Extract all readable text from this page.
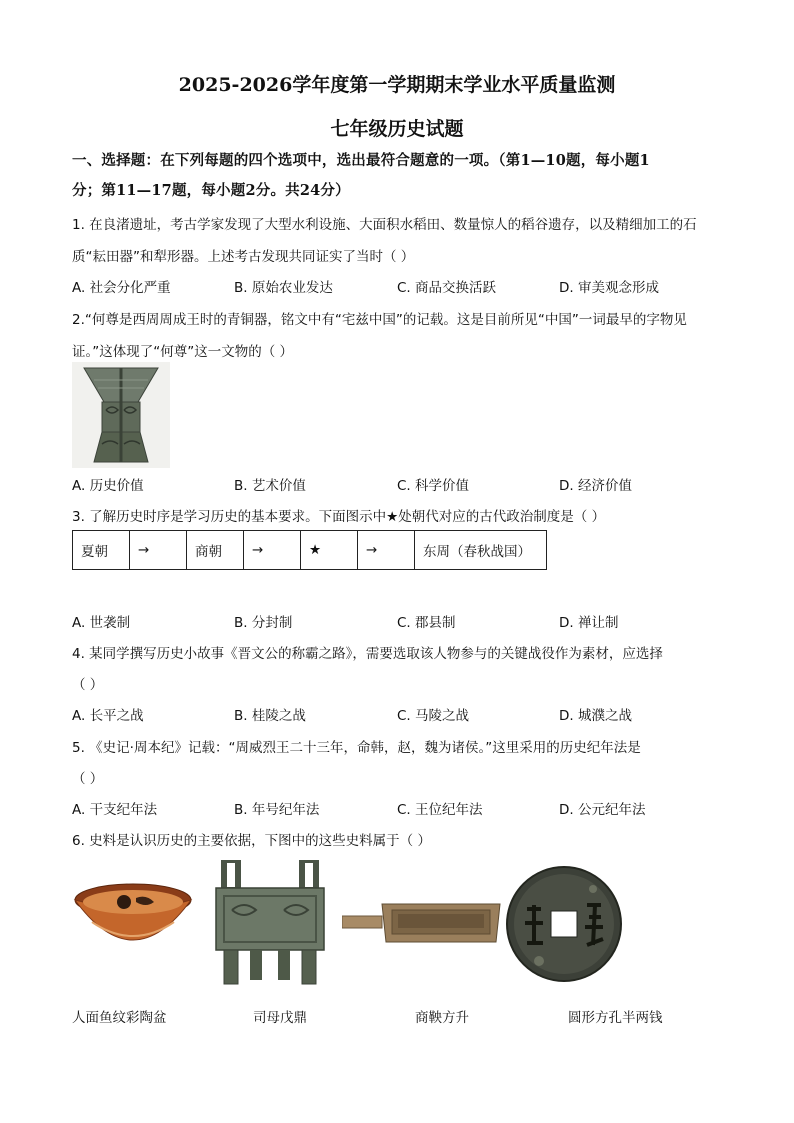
2025-2026学年度第一学期期末学业水平质量监测
七年级历史试题
一、选择题：在下列每题的四个选项中，选出最符合题意的一项。（第1—10题，每小题1
分；第11—17题，每小题2分。共24分）
1. 在良渚遗址，考古学家发现了大型水利设施、大面积水稻田、数量惊人的稻谷遗存，以及精细加工的石
质“耘田器”和犁形器。上述考古发现共同证实了当时（ ）
A. 社会分化严重	B. 原始农业发达	C. 商品交换活跃	D. 审美观念形成
2.“何尊是西周周成王时的青铜器，铭文中有“宅兹中国”的记载。这是目前所见“中国”一词最早的字物见
证。”这体现了“何尊”这一文物的（ ）
A. 历史价值	B. 艺术价值	C. 科学价值	D. 经济价值
3. 了解历史时序是学习历史的基本要求。下面图示中★处朝代对应的古代政治制度是（ ）
夏朝	→	商朝	→	★	→	东周（春秋战国）
A. 世袭制	B. 分封制	C. 郡县制	D. 禅让制
4. 某同学撰写历史小故事《晋文公的称霸之路》，需要选取该人物参与的关键战役作为素材，应选择
（ ）
A. 长平之战	B. 桂陵之战	C. 马陵之战	D. 城濮之战
5. 《史记·周本纪》记载：“周威烈王二十三年，命韩，赵，魏为诸侯。”这里采用的历史纪年法是
（ ）
A. 干支纪年法	B. 年号纪年法	C. 王位纪年法	D. 公元纪年法
6. 史料是认识历史的主要依据，下图中的这些史料属于（ ）
人面鱼纹彩陶盆	司母戊鼎	商鞅方升	圆形方孔半两钱
